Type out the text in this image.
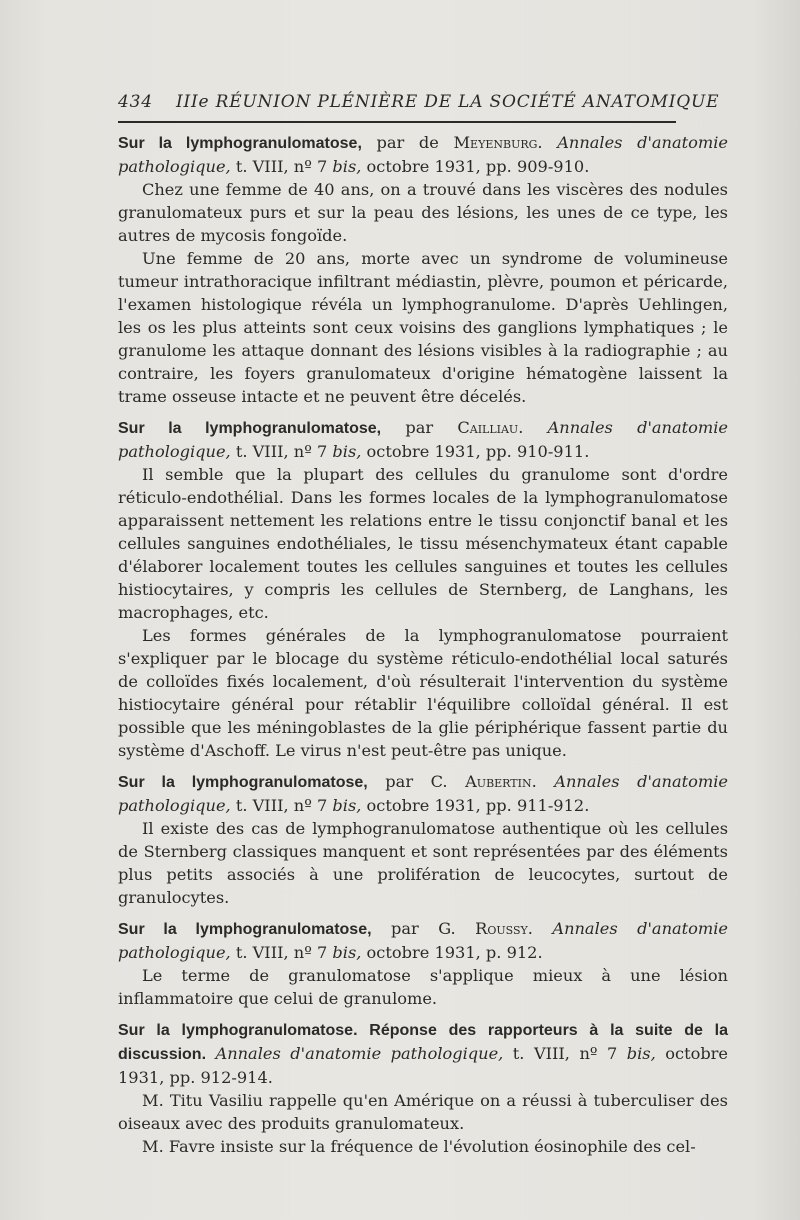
434 IIIe RÉUNION PLÉNIÈRE DE LA SOCIÉTÉ ANATOMIQUE

Sur la lymphogranulomatose, par de Meyenburg. Annales d'anatomie pathologique, t. VIII, nº 7 bis, octobre 1931, pp. 909-910.

Chez une femme de 40 ans, on a trouvé dans les viscères des nodules granulomateux purs et sur la peau des lésions, les unes de ce type, les autres de mycosis fongoïde.

Une femme de 20 ans, morte avec un syndrome de volumineuse tumeur intrathoracique infiltrant médiastin, plèvre, poumon et péricarde, l'examen histologique révéla un lymphogranulome. D'après Uehlingen, les os les plus atteints sont ceux voisins des ganglions lymphatiques ; le granulome les attaque donnant des lésions visibles à la radiographie ; au contraire, les foyers granulomateux d'origine hématogène laissent la trame osseuse intacte et ne peuvent être décelés.

Sur la lymphogranulomatose, par Cailliau. Annales d'anatomie pathologique, t. VIII, nº 7 bis, octobre 1931, pp. 910-911.

Il semble que la plupart des cellules du granulome sont d'ordre réticulo-endothélial. Dans les formes locales de la lymphogranulomatose apparaissent nettement les relations entre le tissu conjonctif banal et les cellules sanguines endothéliales, le tissu mésenchymateux étant capable d'élaborer localement toutes les cellules sanguines et toutes les cellules histiocytaires, y compris les cellules de Sternberg, de Langhans, les macrophages, etc.

Les formes générales de la lymphogranulomatose pourraient s'expliquer par le blocage du système réticulo-endothélial local saturés de colloïdes fixés localement, d'où résulterait l'intervention du système histiocytaire général pour rétablir l'équilibre colloïdal général. Il est possible que les méningoblastes de la glie périphérique fassent partie du système d'Aschoff. Le virus n'est peut-être pas unique.

Sur la lymphogranulomatose, par C. Aubertin. Annales d'anatomie pathologique, t. VIII, nº 7 bis, octobre 1931, pp. 911-912.

Il existe des cas de lymphogranulomatose authentique où les cellules de Sternberg classiques manquent et sont représentées par des éléments plus petits associés à une prolifération de leucocytes, surtout de granulocytes.

Sur la lymphogranulomatose, par G. Roussy. Annales d'anatomie pathologique, t. VIII, nº 7 bis, octobre 1931, p. 912.

Le terme de granulomatose s'applique mieux à une lésion inflammatoire que celui de granulome.

Sur la lymphogranulomatose. Réponse des rapporteurs à la suite de la discussion. Annales d'anatomie pathologique, t. VIII, nº 7 bis, octobre 1931, pp. 912-914.

M. Titu Vasiliu rappelle qu'en Amérique on a réussi à tuberculiser des oiseaux avec des produits granulomateux.

M. Favre insiste sur la fréquence de l'évolution éosinophile des cel-
